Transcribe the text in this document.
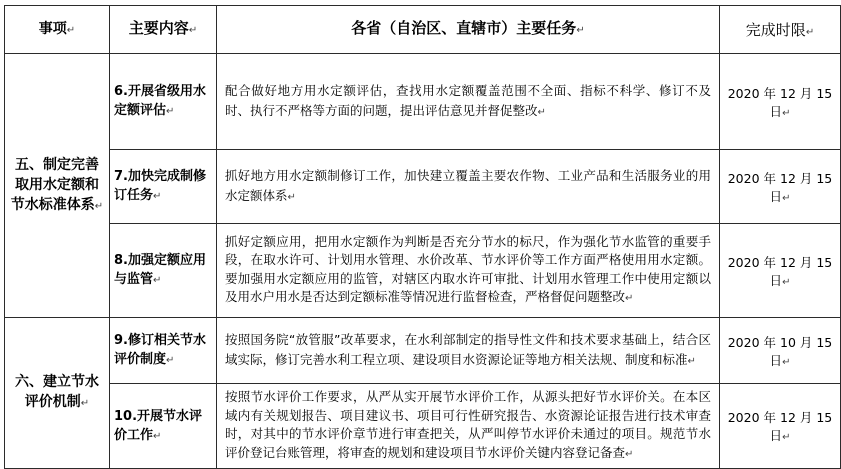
事项↵	主要内容↵	各省（自治区、直辖市）主要任务↵	完成时限↵
五、制定完善取用水定额和节水标准体系↵	6.开展省级用水定额评估↵	配合做好地方用水定额评估，查找用水定额覆盖范围不全面、指标不科学、修订不及时、执行不严格等方面的问题，提出评估意见并督促整改↵	2020 年 12 月 15 日↵
	7.加快完成制修订任务↵	抓好地方用水定额制修订工作，加快建立覆盖主要农作物、工业产品和生活服务业的用水定额体系↵	2020 年 12 月 15 日↵
	8.加强定额应用与监管↵	抓好定额应用，把用水定额作为判断是否充分节水的标尺，作为强化节水监管的重要手段，在取水许可、计划用水管理、水价改革、节水评价等工作方面严格使用用水定额。要加强用水定额应用的监管，对辖区内取水许可审批、计划用水管理工作中使用定额以及用水户用水是否达到定额标准等情况进行监督检查，严格督促问题整改↵	2020 年 12 月 15 日↵
六、建立节水评价机制↵	9.修订相关节水评价制度↵	按照国务院“放管服”改革要求，在水利部制定的指导性文件和技术要求基础上，结合区域实际，修订完善水利工程立项、建设项目水资源论证等地方相关法规、制度和标准↵	2020 年 10 月 15 日↵
	10.开展节水评价工作↵	按照节水评价工作要求，从严从实开展节水评价工作，从源头把好节水评价关。在本区域内有关规划报告、项目建议书、项目可行性研究报告、水资源论证报告进行技术审查时，对其中的节水评价章节进行审查把关，从严叫停节水评价未通过的项目。规范节水评价登记台账管理，将审查的规划和建设项目节水评价关键内容登记备查↵	2020 年 12 月 15 日↵
